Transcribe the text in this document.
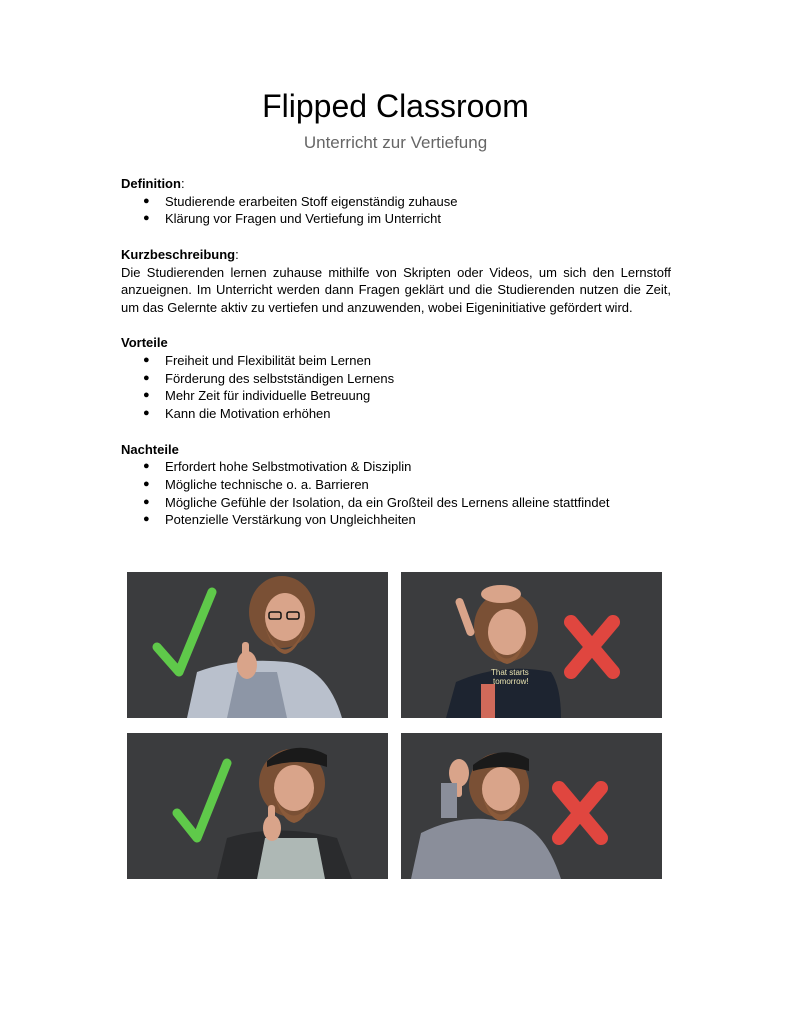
Flipped Classroom
Unterricht zur Vertiefung
Definition:
● Studierende erarbeiten Stoff eigenständig zuhause
● Klärung vor Fragen und Vertiefung im Unterricht
Kurzbeschreibung:
Die Studierenden lernen zuhause mithilfe von Skripten oder Videos, um sich den Lernstoff
anzueignen. Im Unterricht werden dann Fragen geklärt und die Studierenden nutzen die Zeit,
um das Gelernte aktiv zu vertiefen und anzuwenden, wobei Eigeninitiative gefördert wird.
Vorteile
● Freiheit und Flexibilität beim Lernen
● Förderung des selbstständigen Lernens
● Mehr Zeit für individuelle Betreuung
● Kann die Motivation erhöhen
Nachteile
● Erfordert hohe Selbstmotivation & Disziplin
● Mögliche technische o. a. Barrieren
● Mögliche Gefühle der Isolation, da ein Großteil des Lernens alleine stattfindet
● Potenzielle Verstärkung von Ungleichheiten
That starts
tomorrow!
